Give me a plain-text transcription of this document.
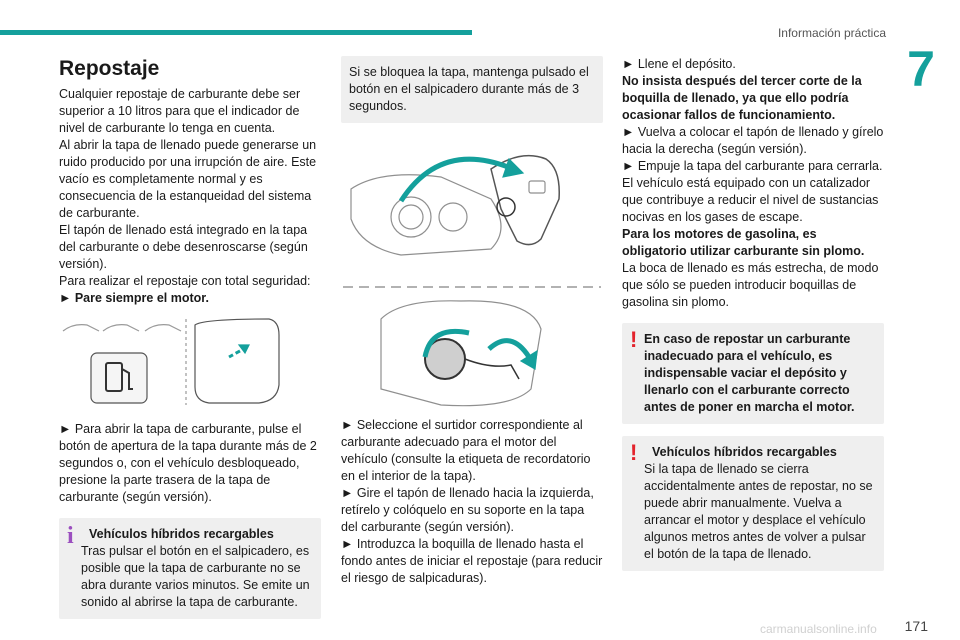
Información práctica
7
Repostaje

Cualquier repostaje de carburante debe ser superior a 10 litros para que el indicador de nivel de carburante lo tenga en cuenta.

Al abrir la tapa de llenado puede generarse un ruido producido por una irrupción de aire. Este vacío es completamente normal y es consecuencia de la estanqueidad del sistema de carburante.

El tapón de llenado está integrado en la tapa del carburante o debe desenroscarse (según versión).

Para realizar el repostaje con total seguridad:

► Pare siempre el motor.

► Para abrir la tapa de carburante, pulse el botón de apertura de la tapa durante más de 2 segundos o, con el vehículo desbloqueado, presione la parte trasera de la tapa de carburante (según versión).

i Vehículos híbridos recargables
Tras pulsar el botón en el salpicadero, es posible que la tapa de carburante no se abra durante varios minutos. Se emite un sonido al abrirse la tapa de carburante.
Si se bloquea la tapa, mantenga pulsado el botón en el salpicadero durante más de 3 segundos.

► Seleccione el surtidor correspondiente al carburante adecuado para el motor del vehículo (consulte la etiqueta de recordatorio en el interior de la tapa).

► Gire el tapón de llenado hacia la izquierda, retírelo y colóquelo en su soporte en la tapa del carburante (según versión).

► Introduzca la boquilla de llenado hasta el fondo antes de iniciar el repostaje (para reducir el riesgo de salpicaduras).

► Llene el depósito.

No insista después del tercer corte de la boquilla de llenado, ya que ello podría ocasionar fallos de funcionamiento.

► Vuelva a colocar el tapón de llenado y gírelo hacia la derecha (según versión).

► Empuje la tapa del carburante para cerrarla.

El vehículo está equipado con un catalizador que contribuye a reducir el nivel de sustancias nocivas en los gases de escape.

Para los motores de gasolina, es obligatorio utilizar carburante sin plomo.

La boca de llenado es más estrecha, de modo que sólo se pueden introducir boquillas de gasolina sin plomo.

! En caso de repostar un carburante inadecuado para el vehículo, es indispensable vaciar el depósito y llenarlo con el carburante correcto antes de poner en marcha el motor.
! Vehículos híbridos recargables
Si la tapa de llenado se cierra accidentalmente antes de repostar, no se puede abrir manualmente. Vuelva a arrancar el motor y desplace el vehículo algunos metros antes de volver a pulsar el botón de la tapa de llenado.
carmanualsonline.info 171
